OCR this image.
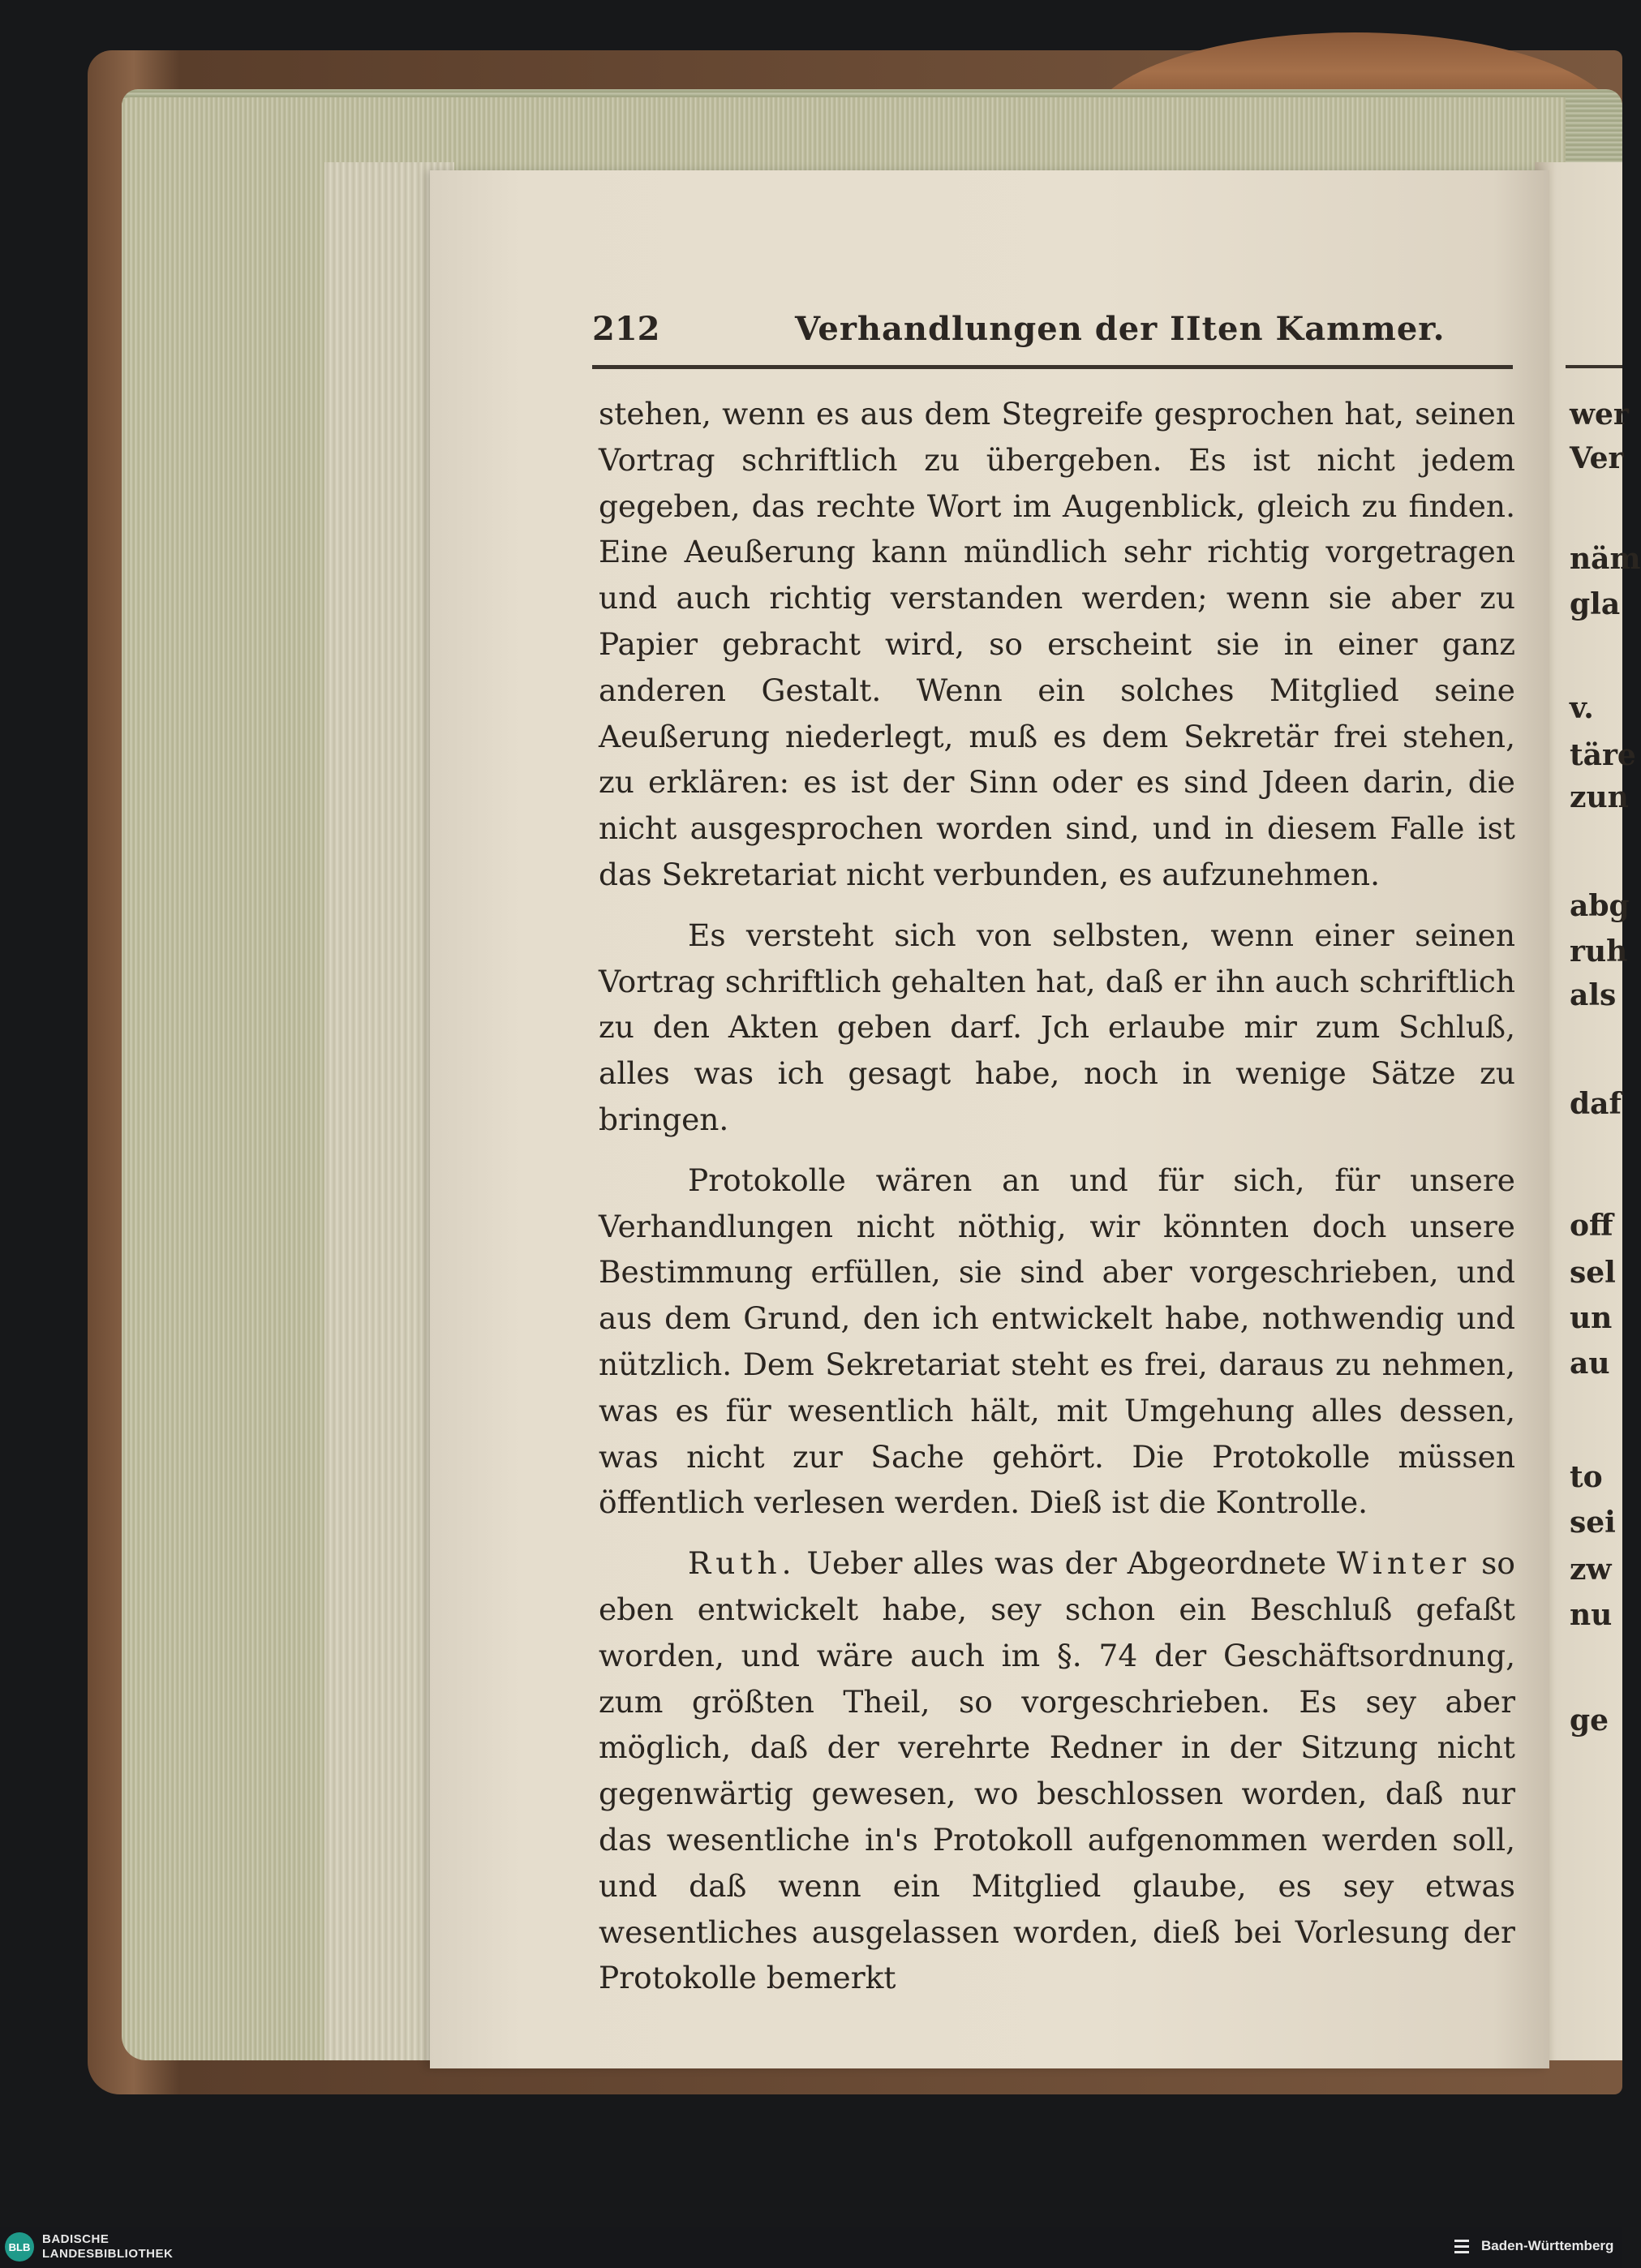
212	Verhandlungen der IIten Kammer.

stehen, wenn es aus dem Stegreife gesprochen hat, seinen Vortrag schriftlich zu übergeben. Es ist nicht jedem gegeben, das rechte Wort im Augenblick, gleich zu finden. Eine Aeußerung kann mündlich sehr richtig vorgetragen und auch richtig verstanden werden; wenn sie aber zu Papier gebracht wird, so erscheint sie in einer ganz anderen Gestalt. Wenn ein solches Mitglied seine Aeußerung niederlegt, muß es dem Sekretär frei stehen, zu erklären: es ist der Sinn oder es sind Jdeen darin, die nicht ausgesprochen worden sind, und in diesem Falle ist das Sekretariat nicht verbunden, es aufzunehmen.

Es versteht sich von selbsten, wenn einer seinen Vortrag schriftlich gehalten hat, daß er ihn auch schriftlich zu den Akten geben darf. Jch erlaube mir zum Schluß, alles was ich gesagt habe, noch in wenige Sätze zu bringen.

Protokolle wären an und für sich, für unsere Verhandlungen nicht nöthig, wir könnten doch unsere Bestimmung erfüllen, sie sind aber vorgeschrieben, und aus dem Grund, den ich entwickelt habe, nothwendig und nützlich. Dem Sekretariat steht es frei, daraus zu nehmen, was es für wesentlich hält, mit Umgehung alles dessen, was nicht zur Sache gehört. Die Protokolle müssen öffentlich verlesen werden. Dieß ist die Kontrolle.

Ruth. Ueber alles was der Abgeordnete Winter so eben entwickelt habe, sey schon ein Beschluß gefaßt worden, und wäre auch im §. 74 der Geschäftsordnung, zum größten Theil, so vorgeschrieben. Es sey aber möglich, daß der verehrte Redner in der Sitzung nicht gegenwärtig gewesen, wo beschlossen worden, daß nur das wesentliche in's Protokoll aufgenommen werden soll, und daß wenn ein Mitglied glaube, es sey etwas wesentliches ausgelassen worden, dieß bei Vorlesung der Protokolle bemerkt

wer
Ver
näm
gla
v.
täre
zun
abg
ruh
als
daf
off
sel
un
au
to
sei
zw
nu
ge
BLB
BADISCHE
LANDESBIBLIOTHEK
Baden-Württemberg
